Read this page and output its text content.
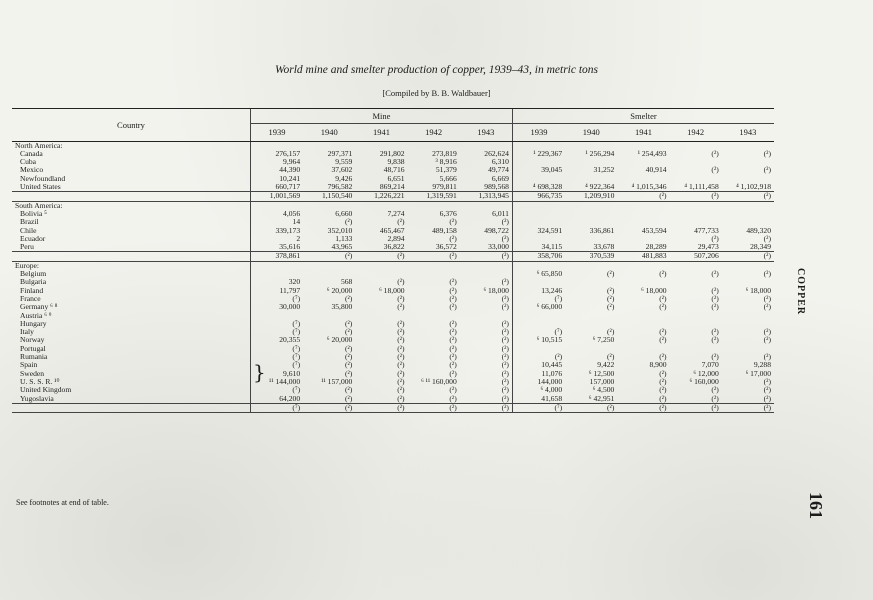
World mine and smelter production of copper, 1939–43, in metric tons
[Compiled by B. B. Waldbauer]
Country	Mine					Smelter				
	1939	1940	1941	1942	1943	1939	1940	1941	1942	1943
North America:										
Canada	276,157	297,371	291,802	273,819	262,624	¹ 229,367	¹ 256,294	¹ 254,493	(²)	(²)
Cuba	9,964	9,559	9,838	³ 8,916	6,310					
Mexico	44,390	37,602	48,716	51,379	49,774	39,045	31,252	40,914	(²)	(²)
Newfoundland	10,241	9,426	6,651	5,666	6,669					
United States	660,717	796,582	869,214	979,811	989,568	⁴ 698,328	⁴ 922,364	⁴ 1,015,346	⁴ 1,111,458	⁴ 1,102,918
	1,001,569	1,150,540	1,226,221	1,319,591	1,313,945	966,735	1,209,910	(²)	(²)	(²)
South America:										
Bolivia ⁵	4,056	6,660	7,274	6,376	6,011					
Brazil	14	(²)	(²)	(²)	(²)					
Chile	339,173	352,010	465,467	489,158	498,722	324,591	336,861	453,594	477,733	489,320
Ecuador	2	1,133	2,894	(²)	(²)				(²)	(²)
Peru	35,616	43,965	36,822	36,572	33,000	34,115	33,678	28,289	29,473	28,349
	378,861	(²)	(²)	(²)	(²)	358,706	370,539	481,883	507,206	(²)
Europe:										
Belgium						⁶ 65,850	(²)	(²)	(²)	(²)
Bulgaria	320	568	(²)	(²)	(²)					
Finland	11,797	⁶ 20,000	⁶ 18,000	(²)	⁶ 18,000	13,246	(²)	⁶ 18,000	(²)	⁶ 18,000
France	(⁷)	(²)	(²)	(²)	(²)	(⁷)	(²)	(²)	(²)	(²)
Germany ⁶ ⁸	30,000	35,800	(²)	(²)	(²)	⁶ 66,000	(²)	(²)	(²)	(²)
Austria ⁶ ⁹										
Hungary	(⁷)	(²)	(²)	(²)	(²)					
Italy	(⁷)	(²)	(²)	(²)	(²)	(⁷)	(²)	(²)	(²)	(²)
Norway	20,355	⁶ 20,000	(²)	(²)	(²)	⁶ 10,515	⁶ 7,250	(²)	(²)	(²)
Portugal	(⁷)	(²)	(²)	(²)	(²)					
Rumania	(⁷)	(²)	(²)	(²)	(²)	(²)	(²)	(²)	(²)	(²)
Spain	(⁷)	(²)	(²)	(²)	(²)	10,445	9,422	8,900	7,070	9,288
Sweden	9,610	(²)	(²)	(²)	(²)	11,076	⁶ 12,500	(²)	⁶ 12,000	⁶ 17,000
U. S. S. R. ¹⁰	¹¹ 144,000	¹¹ 157,000	(²)	⁶ ¹¹ 160,000	(²)	144,000	157,000	(²)	⁶ 160,000	(²)
United Kingdom	(⁷)	(²)	(²)	(²)	(²)	⁶ 4,000	⁶ 4,500	(²)	(²)	(²)
Yugoslavia	64,200	(²)	(²)	(²)	(²)	41,658	⁶ 42,951	(²)	(²)	(²)
	(⁷)	(²)	(²)	(²)	(²)	(⁷)	(²)	(²)	(²)	(²)
}
See footnotes at end of table.
COPPER
161
